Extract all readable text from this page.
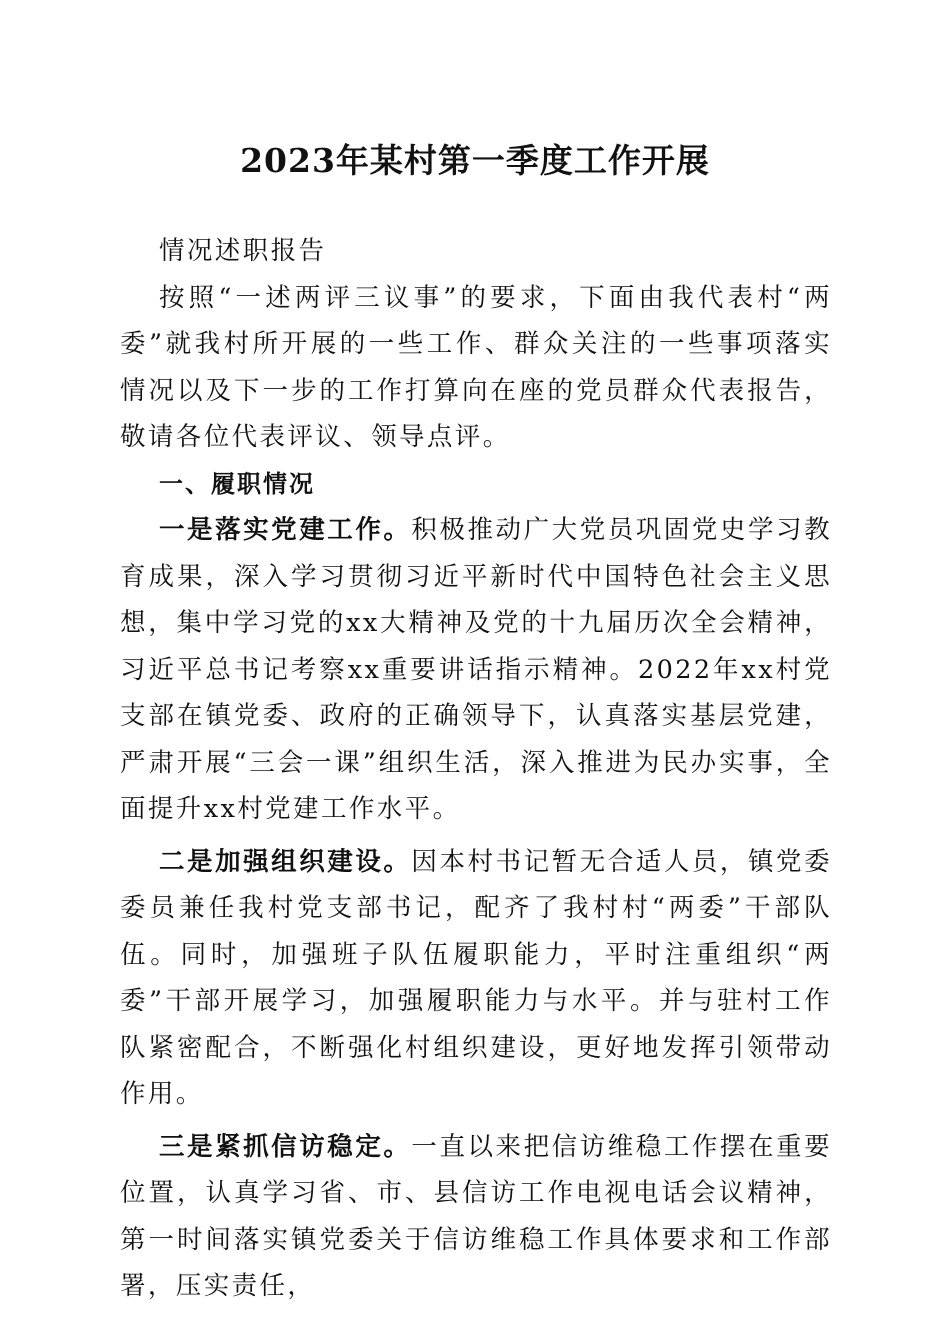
2023年某村第一季度工作开展

情况述职报告

按照“一述两评三议事”的要求，下面由我代表村“两委”就我村所开展的一些工作、群众关注的一些事项落实情况以及下一步的工作打算向在座的党员群众代表报告，敬请各位代表评议、领导点评。

一、履职情况

一是落实党建工作。积极推动广大党员巩固党史学习教育成果，深入学习贯彻习近平新时代中国特色社会主义思想，集中学习党的xx大精神及党的十九届历次全会精神，习近平总书记考察xx重要讲话指示精神。2022年xx村党支部在镇党委、政府的正确领导下，认真落实基层党建，严肃开展“三会一课”组织生活，深入推进为民办实事，全面提升xx村党建工作水平。

二是加强组织建设。因本村书记暂无合适人员，镇党委委员兼任我村党支部书记，配齐了我村村“两委”干部队伍。同时，加强班子队伍履职能力，平时注重组织“两委”干部开展学习，加强履职能力与水平。并与驻村工作队紧密配合，不断强化村组织建设，更好地发挥引领带动作用。

三是紧抓信访稳定。一直以来把信访维稳工作摆在重要位置，认真学习省、市、县信访工作电视电话会议精神，第一时间落实镇党委关于信访维稳工作具体要求和工作部署，压实责任，
